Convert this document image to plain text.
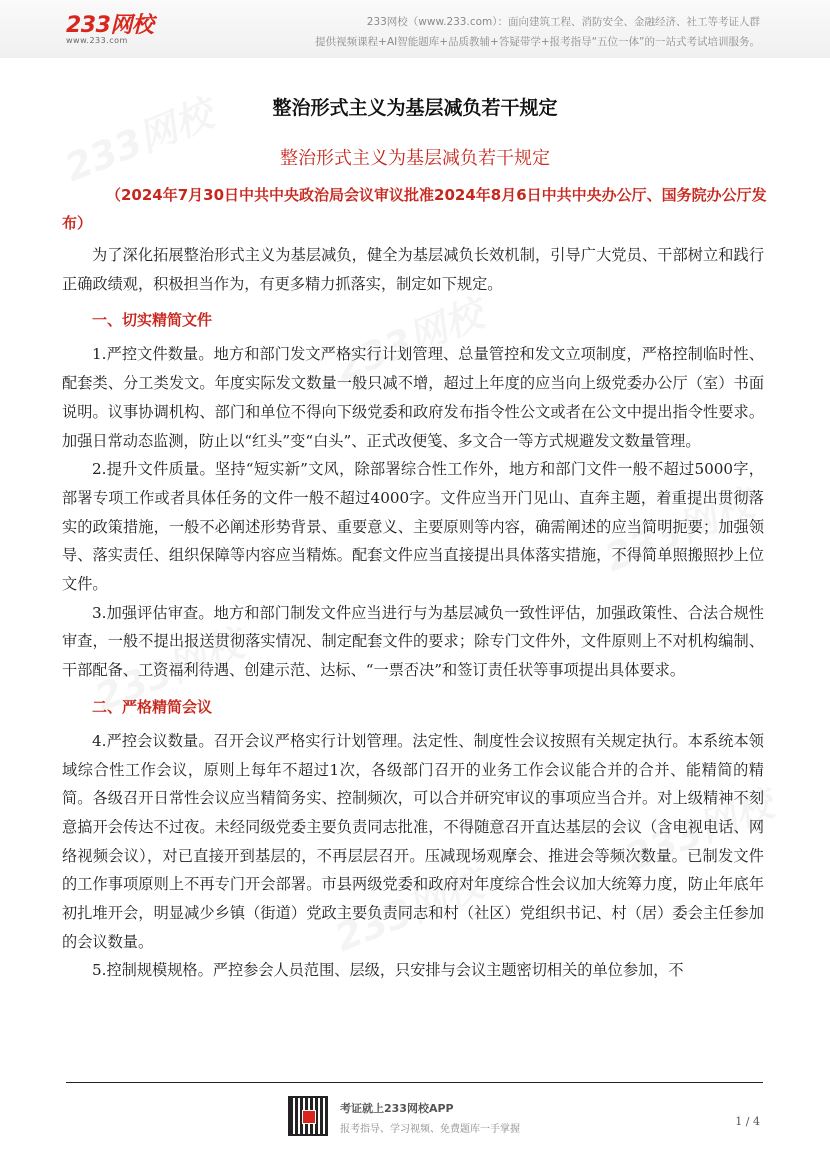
233网校
www.233.com
233网校（www.233.com）：面向建筑工程、消防安全、金融经济、社工等考证人群
提供视频课程+AI智能题库+品质教辅+答疑带学+报考指导“五位一体”的一站式考试培训服务。
整治形式主义为基层减负若干规定
整治形式主义为基层减负若干规定
（2024年7月30日中共中央政治局会议审议批准2024年8月6日中共中央办公厅、国务院办公厅发布）

为了深化拓展整治形式主义为基层减负，健全为基层减负长效机制，引导广大党员、干部树立和践行正确政绩观，积极担当作为，有更多精力抓落实，制定如下规定。

一、切实精简文件

1.严控文件数量。地方和部门发文严格实行计划管理、总量管控和发文立项制度，严格控制临时性、配套类、分工类发文。年度实际发文数量一般只减不增，超过上年度的应当向上级党委办公厅（室）书面说明。议事协调机构、部门和单位不得向下级党委和政府发布指令性公文或者在公文中提出指令性要求。加强日常动态监测，防止以“红头”变“白头”、正式改便笺、多文合一等方式规避发文数量管理。

2.提升文件质量。坚持“短实新”文风，除部署综合性工作外，地方和部门文件一般不超过5000字，部署专项工作或者具体任务的文件一般不超过4000字。文件应当开门见山、直奔主题，着重提出贯彻落实的政策措施，一般不必阐述形势背景、重要意义、主要原则等内容，确需阐述的应当简明扼要；加强领导、落实责任、组织保障等内容应当精炼。配套文件应当直接提出具体落实措施，不得简单照搬照抄上位文件。

3.加强评估审查。地方和部门制发文件应当进行与为基层减负一致性评估，加强政策性、合法合规性审查，一般不提出报送贯彻落实情况、制定配套文件的要求；除专门文件外，文件原则上不对机构编制、干部配备、工资福利待遇、创建示范、达标、“一票否决”和签订责任状等事项提出具体要求。

二、严格精简会议

4.严控会议数量。召开会议严格实行计划管理。法定性、制度性会议按照有关规定执行。本系统本领域综合性工作会议，原则上每年不超过1次，各级部门召开的业务工作会议能合并的合并、能精简的精简。各级召开日常性会议应当精简务实、控制频次，可以合并研究审议的事项应当合并。对上级精神不刻意搞开会传达不过夜。未经同级党委主要负责同志批准，不得随意召开直达基层的会议（含电视电话、网络视频会议），对已直接开到基层的，不再层层召开。压减现场观摩会、推进会等频次数量。已制发文件的工作事项原则上不再专门开会部署。市县两级党委和政府对年度综合性会议加大统筹力度，防止年底年初扎堆开会，明显减少乡镇（街道）党政主要负责同志和村（社区）党组织书记、村（居）委会主任参加的会议数量。

5.控制规模规格。严控参会人员范围、层级，只安排与会议主题密切相关的单位参加，不

考证就上233网校APP
报考指导、学习视频、免费题库一手掌握
1 / 4
